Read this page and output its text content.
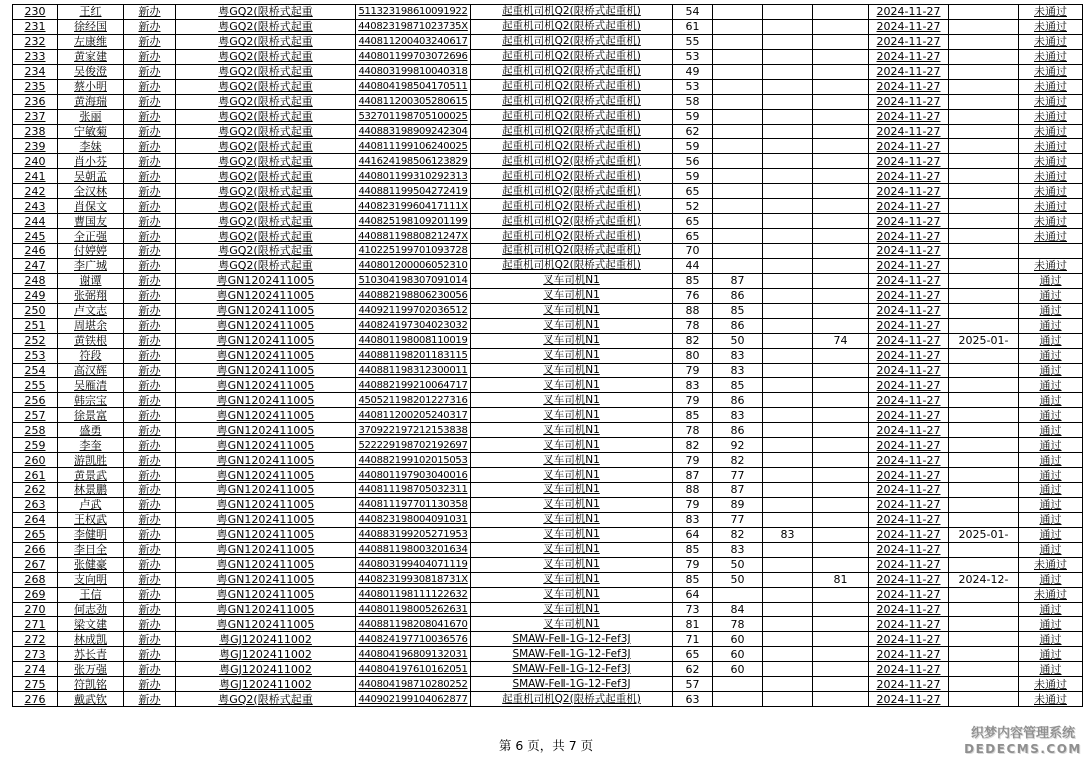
230	王红	新办	粤GQ2(限桥式起重	511323198610091922	起重机司机Q2(限桥式起重机)	54				2024-11-27		未通过
231	徐经国	新办	粤GQ2(限桥式起重	44082319871023735X	起重机司机Q2(限桥式起重机)	61				2024-11-27		未通过
232	左康维	新办	粤GQ2(限桥式起重	440811200403240617	起重机司机Q2(限桥式起重机)	55				2024-11-27		未通过
233	黄家建	新办	粤GQ2(限桥式起重	440801199703072696	起重机司机Q2(限桥式起重机)	53				2024-11-27		未通过
234	吴俊澄	新办	粤GQ2(限桥式起重	440803199810040318	起重机司机Q2(限桥式起重机)	49				2024-11-27		未通过
235	蔡小明	新办	粤GQ2(限桥式起重	440804198504170511	起重机司机Q2(限桥式起重机)	53				2024-11-27		未通过
236	黄海瑞	新办	粤GQ2(限桥式起重	440811200305280615	起重机司机Q2(限桥式起重机)	58				2024-11-27		未通过
237	张丽	新办	粤GQ2(限桥式起重	532701198705100025	起重机司机Q2(限桥式起重机)	59				2024-11-27		未通过
238	宁敏菊	新办	粤GQ2(限桥式起重	440883198909242304	起重机司机Q2(限桥式起重机)	62				2024-11-27		未通过
239	李妹	新办	粤GQ2(限桥式起重	440811199106240025	起重机司机Q2(限桥式起重机)	59				2024-11-27		未通过
240	肖小芬	新办	粤GQ2(限桥式起重	441624198506123829	起重机司机Q2(限桥式起重机)	56				2024-11-27		未通过
241	吴朝孟	新办	粤GQ2(限桥式起重	440801199310292313	起重机司机Q2(限桥式起重机)	59				2024-11-27		未通过
242	全汉林	新办	粤GQ2(限桥式起重	440881199504272419	起重机司机Q2(限桥式起重机)	65				2024-11-27		未通过
243	肖保文	新办	粤GQ2(限桥式起重	44082319960417111X	起重机司机Q2(限桥式起重机)	52				2024-11-27		未通过
244	曹国友	新办	粤GQ2(限桥式起重	440825198109201199	起重机司机Q2(限桥式起重机)	65				2024-11-27		未通过
245	全正强	新办	粤GQ2(限桥式起重	44088119880821247X	起重机司机Q2(限桥式起重机)	65				2024-11-27		未通过
246	付婷婷	新办	粤GQ2(限桥式起重	410225199701093728	起重机司机Q2(限桥式起重机)	70				2024-11-27		
247	李广城	新办	粤GQ2(限桥式起重	440801200006052310	起重机司机Q2(限桥式起重机)	44				2024-11-27		未通过
248	谢谭	新办	粤GN1202411005	510304198307091014	叉车司机N1	85	87			2024-11-27		通过
249	张弼翔	新办	粤GN1202411005	440882198806230056	叉车司机N1	76	86			2024-11-27		通过
250	卢文志	新办	粤GN1202411005	440921199702036512	叉车司机N1	88	85			2024-11-27		通过
251	周堪余	新办	粤GN1202411005	440824197304023032	叉车司机N1	78	86			2024-11-27		通过
252	黄铁根	新办	粤GN1202411005	440801198008110019	叉车司机N1	82	50		74	2024-11-27	2025-01-	通过
253	符段	新办	粤GN1202411005	440881198201183115	叉车司机N1	80	83			2024-11-27		通过
254	高汉辉	新办	粤GN1202411005	440881198312300011	叉车司机N1	79	83			2024-11-27		通过
255	吴雁清	新办	粤GN1202411005	440882199210064717	叉车司机N1	83	85			2024-11-27		通过
256	韩宗宝	新办	粤GN1202411005	450521198201227316	叉车司机N1	79	86			2024-11-27		通过
257	徐景富	新办	粤GN1202411005	440811200205240317	叉车司机N1	85	83			2024-11-27		通过
258	盛勇	新办	粤GN1202411005	370922197212153838	叉车司机N1	78	86			2024-11-27		通过
259	李奎	新办	粤GN1202411005	522229198702192697	叉车司机N1	82	92			2024-11-27		通过
260	游凯胜	新办	粤GN1202411005	440882199102015053	叉车司机N1	79	82			2024-11-27		通过
261	黄景武	新办	粤GN1202411005	440801197903040016	叉车司机N1	87	77			2024-11-27		通过
262	林景鹏	新办	粤GN1202411005	440811198705032311	叉车司机N1	88	87			2024-11-27		通过
263	卢武	新办	粤GN1202411005	440811197701130358	叉车司机N1	79	89			2024-11-27		通过
264	王权武	新办	粤GN1202411005	440823198004091031	叉车司机N1	83	77			2024-11-27		通过
265	李健明	新办	粤GN1202411005	440883199205271953	叉车司机N1	64	82	83		2024-11-27	2025-01-	通过
266	李日全	新办	粤GN1202411005	440881198003201634	叉车司机N1	85	83			2024-11-27		通过
267	张健豪	新办	粤GN1202411005	440803199404071119	叉车司机N1	79	50			2024-11-27		未通过
268	支向明	新办	粤GN1202411005	44082319930818731X	叉车司机N1	85	50		81	2024-11-27	2024-12-	通过
269	王信	新办	粤GN1202411005	440801198111122632	叉车司机N1	64				2024-11-27		未通过
270	何志劲	新办	粤GN1202411005	440801198005262631	叉车司机N1	73	84			2024-11-27		通过
271	梁文建	新办	粤GN1202411005	440881198208041670	叉车司机N1	81	78			2024-11-27		通过
272	林成凯	新办	粤GJ1202411002	440824197710036576	SMAW-FeⅡ-1G-12-Fef3J	71	60			2024-11-27		通过
273	苏长青	新办	粤GJ1202411002	440804196809132031	SMAW-FeⅡ-1G-12-Fef3J	65	60			2024-11-27		通过
274	张万强	新办	粤GJ1202411002	440804197610162051	SMAW-FeⅡ-1G-12-Fef3J	62	60			2024-11-27		通过
275	符凯铭	新办	粤GJ1202411002	440804198710280252	SMAW-FeⅡ-1G-12-Fef3J	57				2024-11-27		未通过
276	戴武钦	新办	粤GQ2(限桥式起重	440902199104062877	起重机司机Q2(限桥式起重机)	63				2024-11-27		未通过
第 6 页，共 7 页
织梦内容管理系统
DEDECMS.COM
